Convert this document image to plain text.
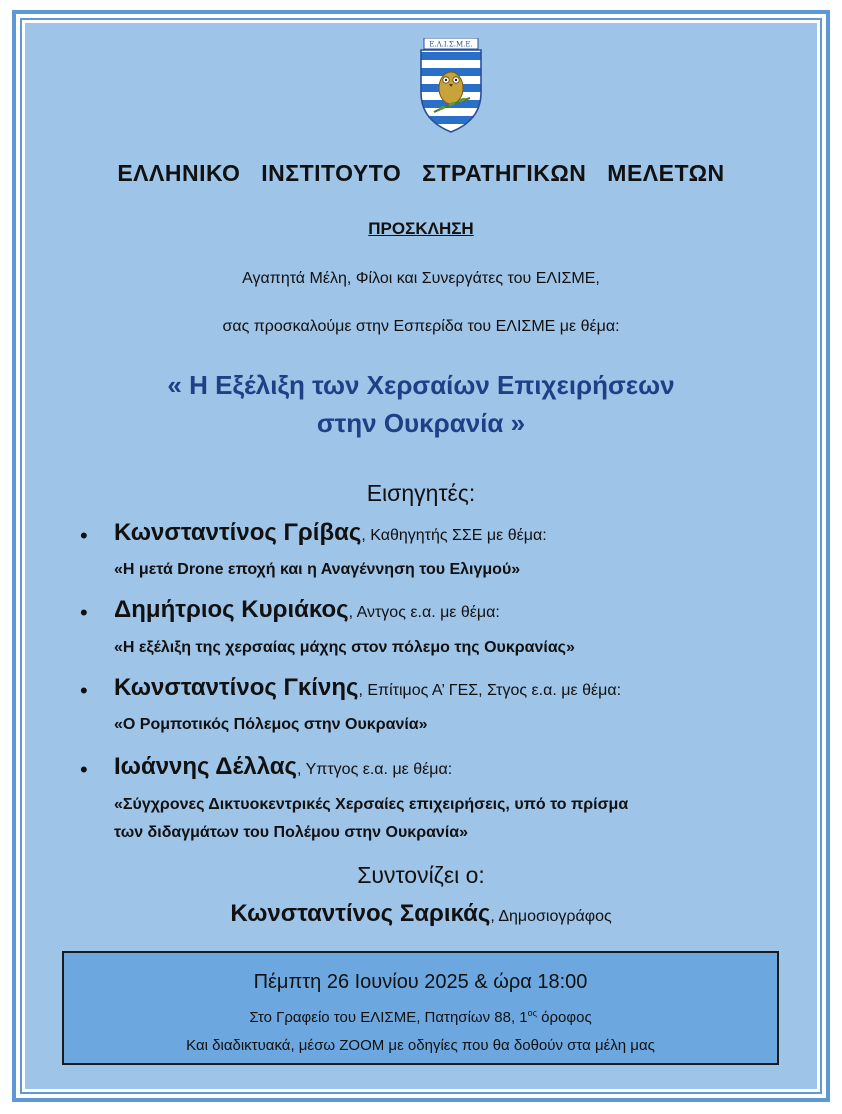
Ε.Λ.Ι.Σ.Μ.Ε.
ΕΛΛΗΝΙΚΟ ΙΝΣΤΙΤΟΥΤΟ ΣΤΡΑΤΗΓΙΚΩΝ ΜΕΛΕΤΩΝ
ΠΡΟΣΚΛΗΣΗ
Αγαπητά Μέλη, Φίλοι και Συνεργάτες του ΕΛΙΣΜΕ,
σας προσκαλούμε στην Εσπερίδα του ΕΛΙΣΜΕ με θέμα:
« Η Εξέλιξη των Χερσαίων Επιχειρήσεων
στην Ουκρανία »
Εισηγητές:
• Κωνσταντίνος Γρίβας, Καθηγητής ΣΣΕ με θέμα:
«Η μετά Drone εποχή και η Αναγέννηση του Ελιγμού»
• Δημήτριος Κυριάκος, Αντγος ε.α. με θέμα:
«Η εξέλιξη της χερσαίας μάχης στον πόλεμο της Ουκρανίας»
• Κωνσταντίνος Γκίνης, Επίτιμος Α’ ΓΕΣ, Στγος ε.α. με θέμα:
«Ο Ρομποτικός Πόλεμος στην Ουκρανία»
• Ιωάννης Δέλλας, Υπτγος ε.α. με θέμα:
«Σύγχρονες Δικτυοκεντρικές Χερσαίες επιχειρήσεις, υπό το πρίσμα
των διδαγμάτων του Πολέμου στην Ουκρανία»
Συντονίζει ο:
Κωνσταντίνος Σαρικάς, Δημοσιογράφος
Πέμπτη 26 Ιουνίου 2025 & ώρα 18:00
Στο Γραφείο του ΕΛΙΣΜΕ, Πατησίων 88, $1^{o\varsigma}$ όροφος
Και διαδικτυακά, μέσω ZOOM με οδηγίες που θα δοθούν στα μέλη μας
